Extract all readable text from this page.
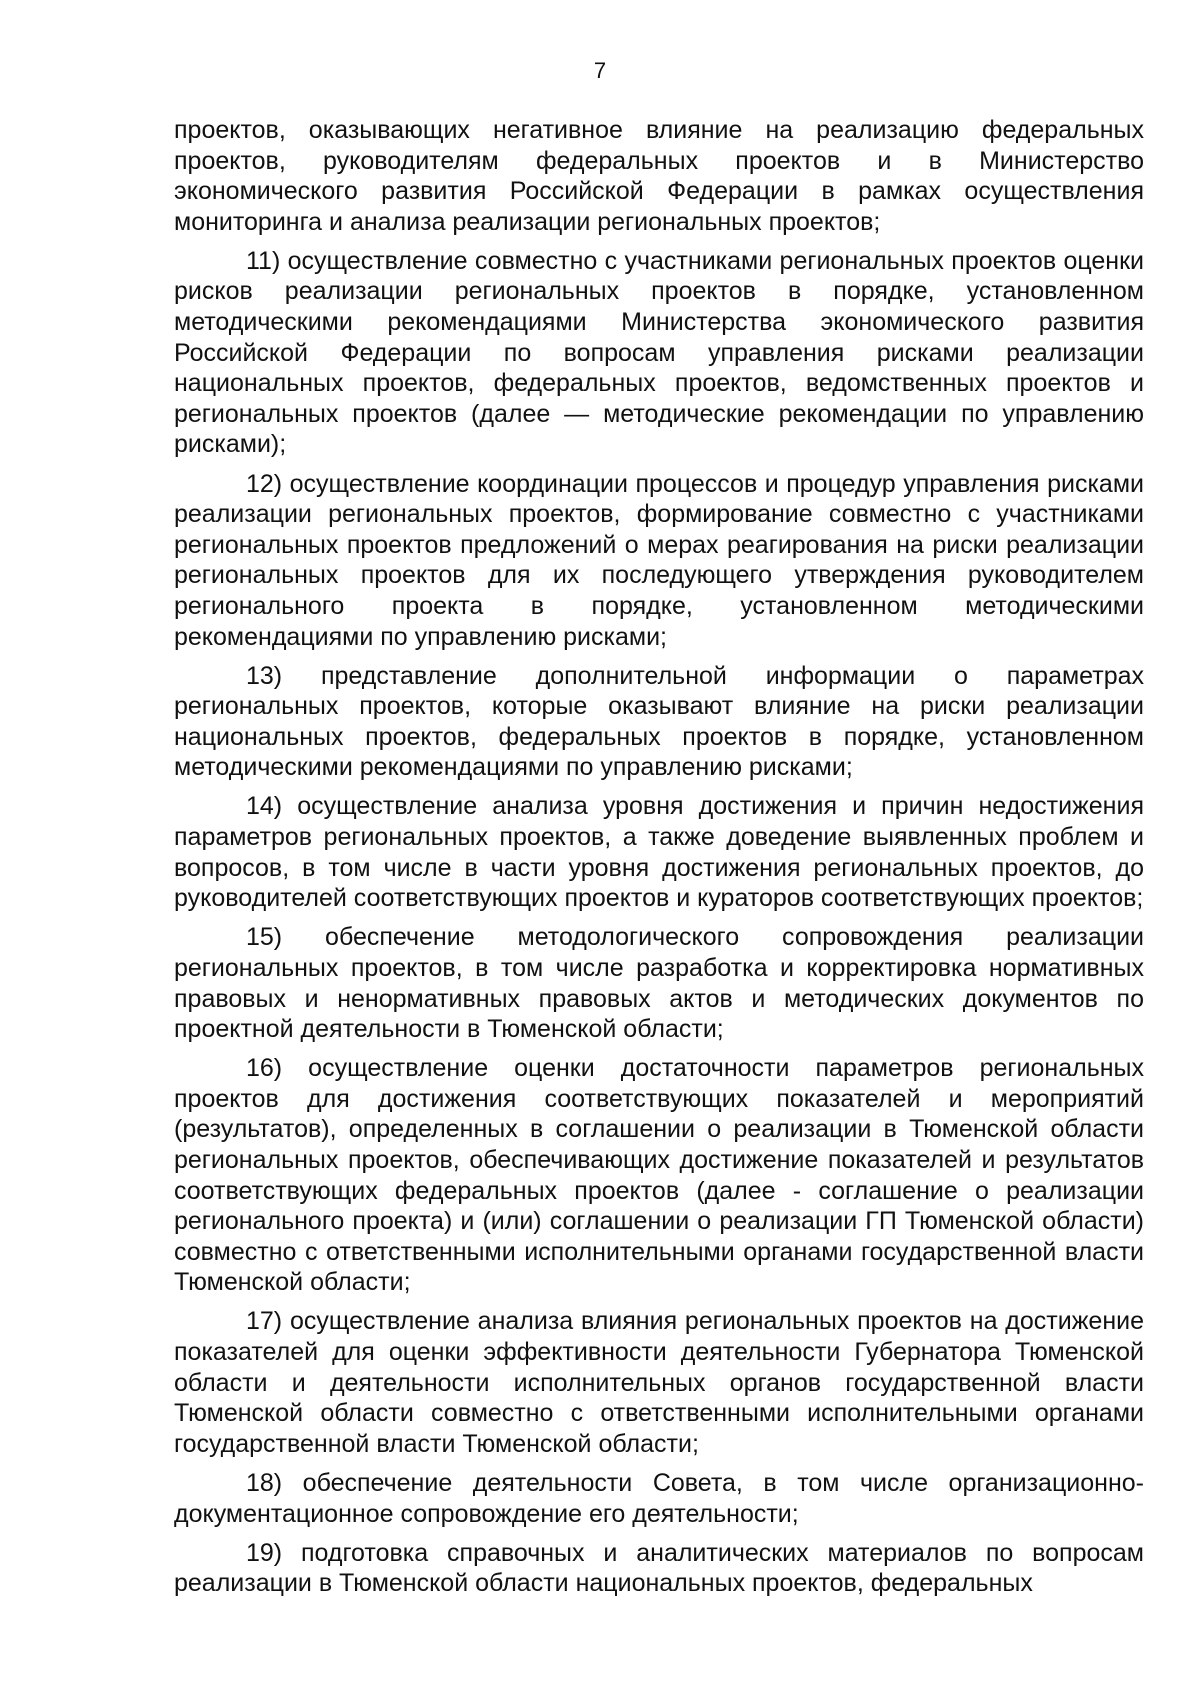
7

проектов, оказывающих негативное влияние на реализацию федеральных проектов, руководителям федеральных проектов и в Министерство экономического развития Российской Федерации в рамках осуществления мониторинга и анализа реализации региональных проектов;

11) осуществление совместно с участниками региональных проектов оценки рисков реализации региональных проектов в порядке, установленном методическими рекомендациями Министерства экономического развития Российской Федерации по вопросам управления рисками реализации национальных проектов, федеральных проектов, ведомственных проектов и региональных проектов (далее — методические рекомендации по управлению рисками);

12) осуществление координации процессов и процедур управления рисками реализации региональных проектов, формирование совместно с участниками региональных проектов предложений о мерах реагирования на риски реализации региональных проектов для их последующего утверждения руководителем регионального проекта в порядке, установленном методическими рекомендациями по управлению рисками;

13) представление дополнительной информации о параметрах региональных проектов, которые оказывают влияние на риски реализации национальных проектов, федеральных проектов в порядке, установленном методическими рекомендациями по управлению рисками;

14) осуществление анализа уровня достижения и причин недостижения параметров региональных проектов, а также доведение выявленных проблем и вопросов, в том числе в части уровня достижения региональных проектов, до руководителей соответствующих проектов и кураторов соответствующих проектов;

15) обеспечение методологического сопровождения реализации региональных проектов, в том числе разработка и корректировка нормативных правовых и ненормативных правовых актов и методических документов по проектной деятельности в Тюменской области;

16) осуществление оценки достаточности параметров региональных проектов для достижения соответствующих показателей и мероприятий (результатов), определенных в соглашении о реализации в Тюменской области региональных проектов, обеспечивающих достижение показателей и результатов соответствующих федеральных проектов (далее - соглашение о реализации регионального проекта) и (или) соглашении о реализации ГП Тюменской области) совместно с ответственными исполнительными органами государственной власти Тюменской области;

17) осуществление анализа влияния региональных проектов на достижение показателей для оценки эффективности деятельности Губернатора Тюменской области и деятельности исполнительных органов государственной власти Тюменской области совместно с ответственными исполнительными органами государственной власти Тюменской области;

18) обеспечение деятельности Совета, в том числе организационно-документационное сопровождение его деятельности;

19) подготовка справочных и аналитических материалов по вопросам реализации в Тюменской области национальных проектов, федеральных
